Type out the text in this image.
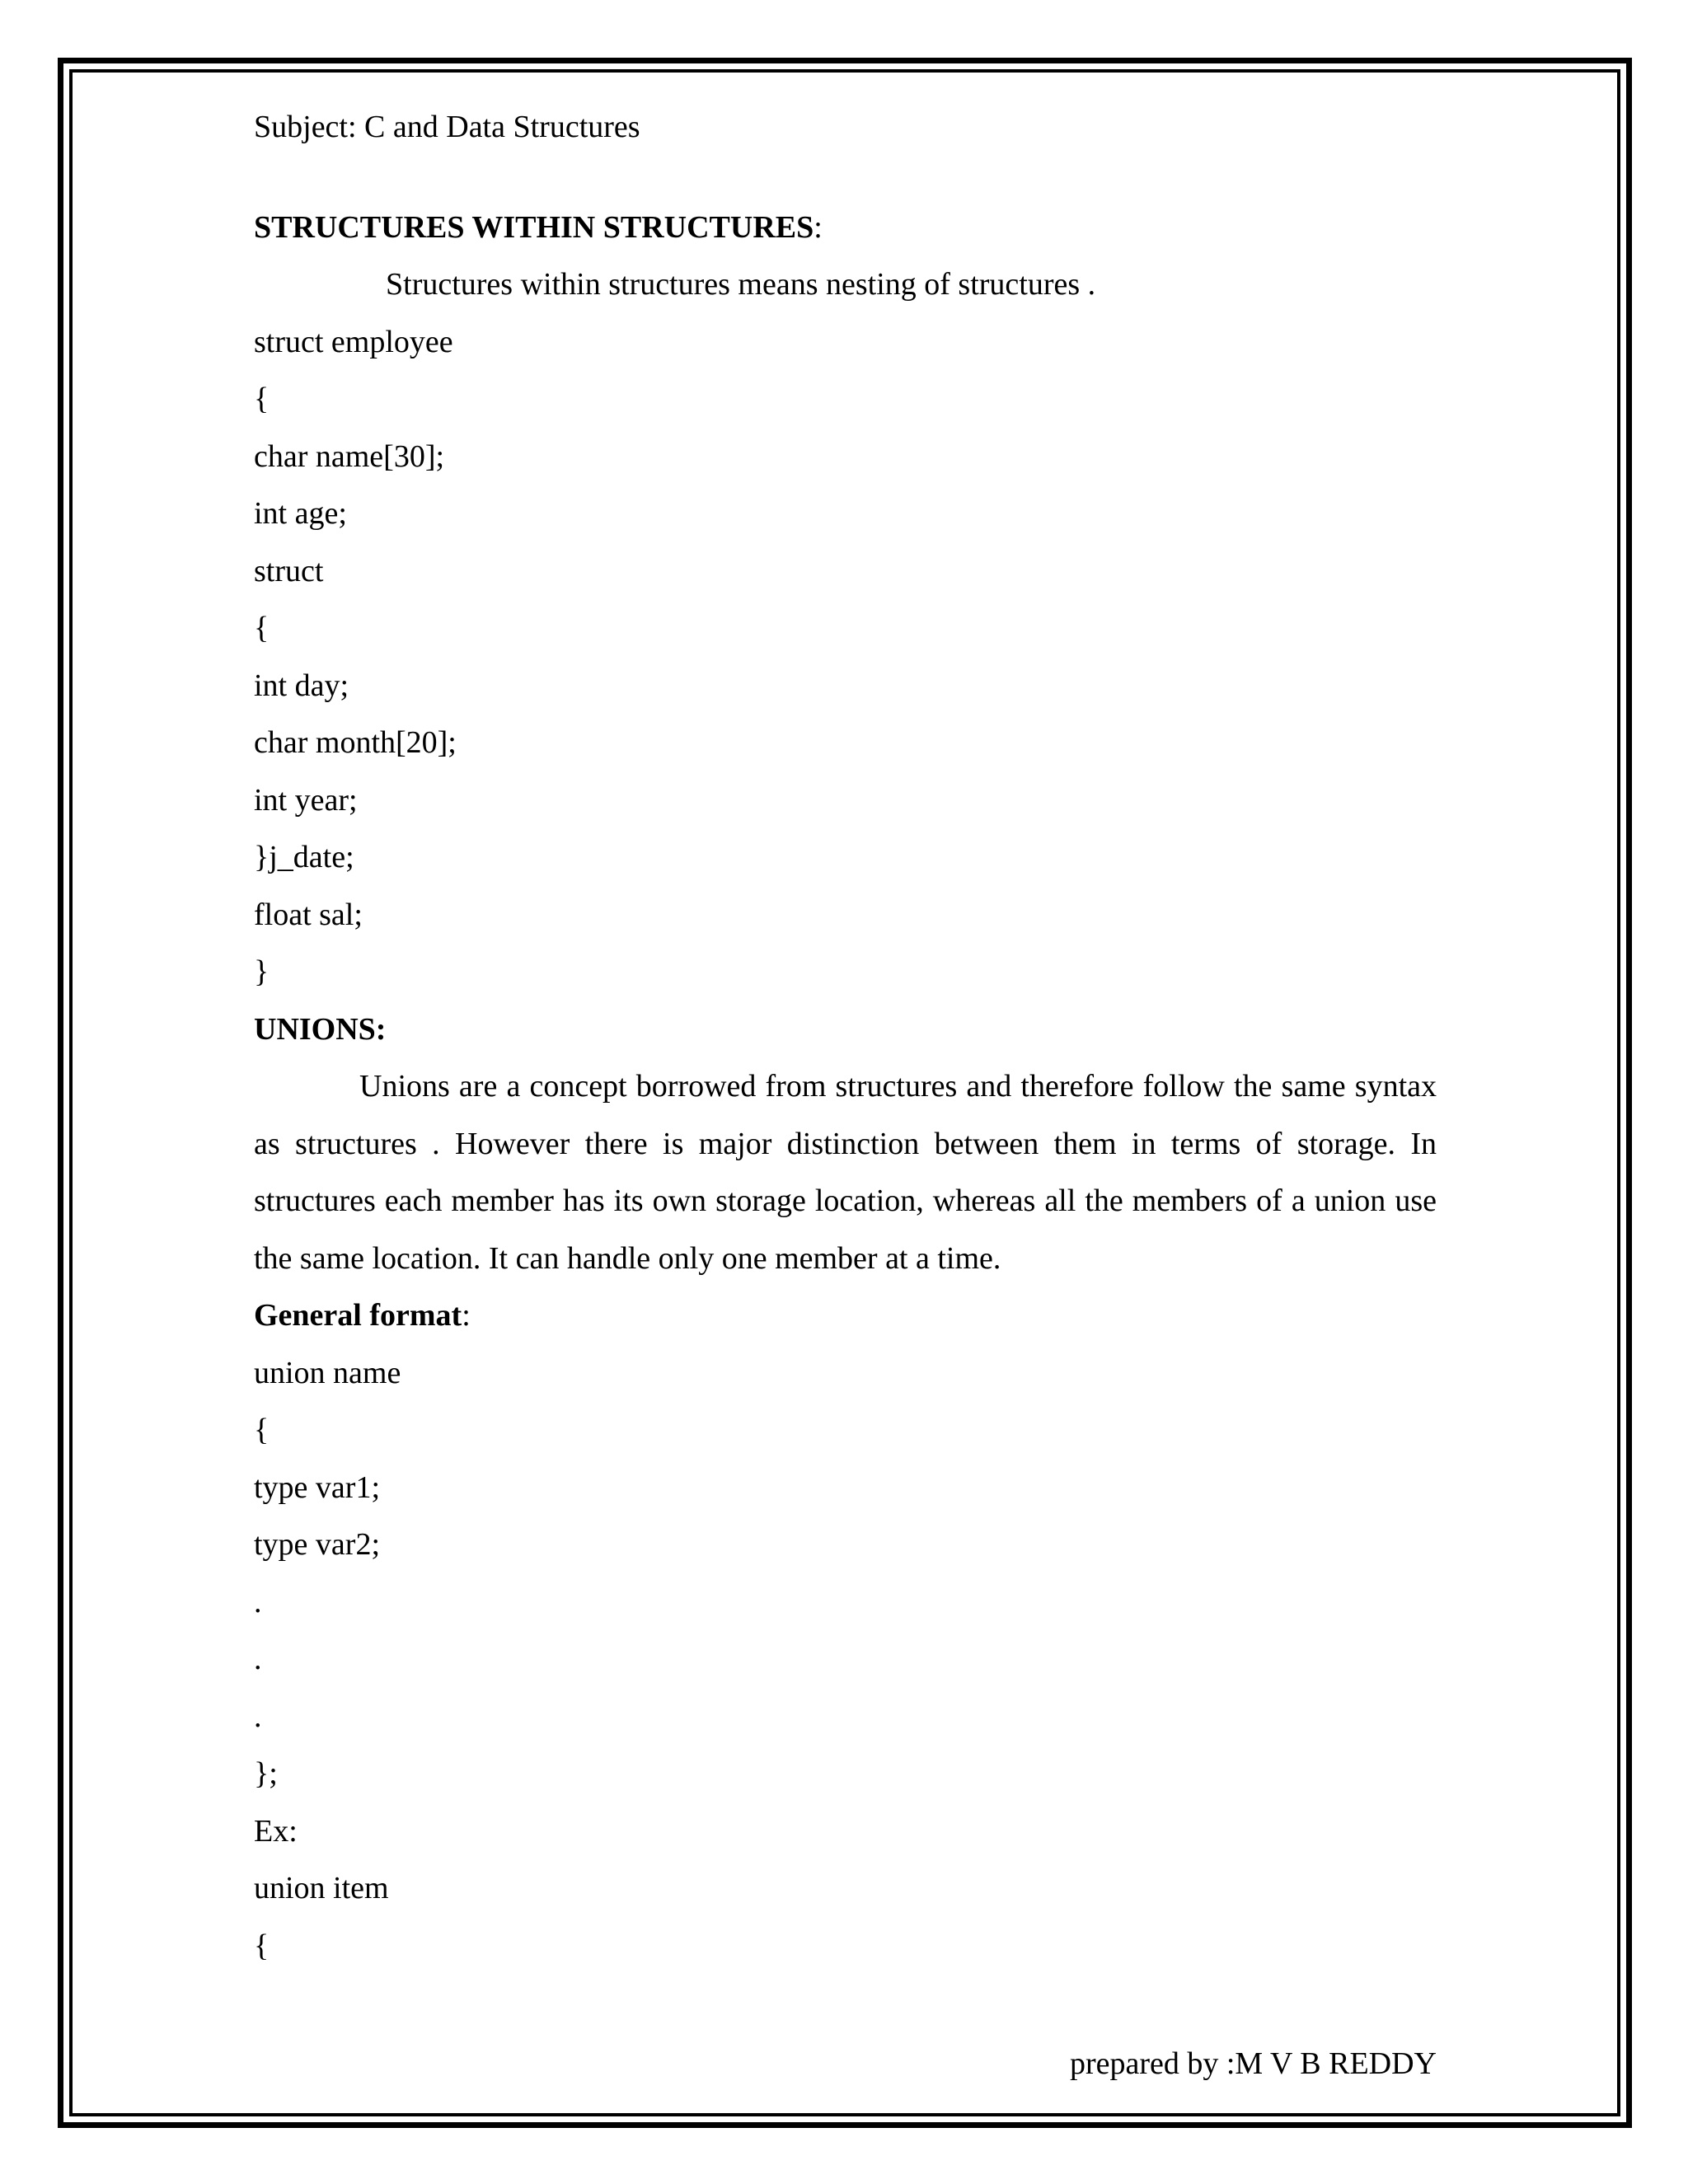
Subject: C and Data Structures
STRUCTURES WITHIN STRUCTURES:
Structures within structures means nesting of structures .
struct employee
{
char name[30];
int age;
struct
{
int day;
char month[20];
int year;
}j_date;
float sal;
}
UNIONS:
Unions are a concept borrowed from structures and therefore follow the same syntax as structures . However there is major distinction between them in terms of storage. In structures each member has its own storage location, whereas all the members of a union use the same location. It can handle only one member at a time.
General format:
union name
{
type var1;
type var2;
.
.
.
};
Ex:
union item
{
prepared by :M V B REDDY
